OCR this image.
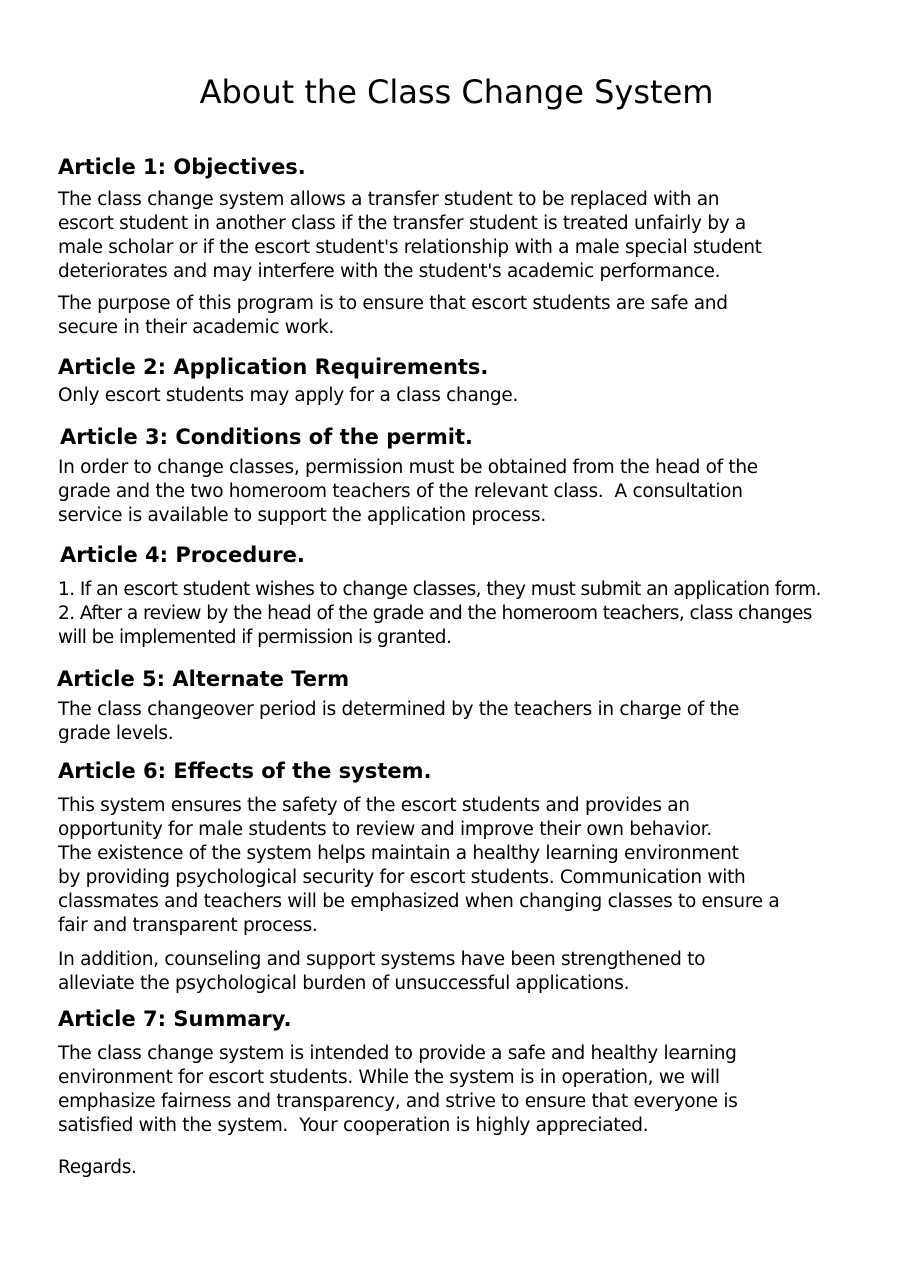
About the Class Change System
Article 1: Objectives.

The class change system allows a transfer student to be replaced with an
escort student in another class if the transfer student is treated unfairly by a
male scholar or if the escort student's relationship with a male special student
deteriorates and may interfere with the student's academic performance.

The purpose of this program is to ensure that escort students are safe and
secure in their academic work.

Article 2: Application Requirements.

Only escort students may apply for a class change.

Article 3: Conditions of the permit.

In order to change classes, permission must be obtained from the head of the
grade and the two homeroom teachers of the relevant class.  A consultation
service is available to support the application process.

Article 4: Procedure.

1. If an escort student wishes to change classes, they must submit an application form.
2. After a review by the head of the grade and the homeroom teachers, class changes
will be implemented if permission is granted.

Article 5: Alternate Term

The class changeover period is determined by the teachers in charge of the
grade levels.

Article 6: Effects of the system.

This system ensures the safety of the escort students and provides an
opportunity for male students to review and improve their own behavior.
The existence of the system helps maintain a healthy learning environment
by providing psychological security for escort students. Communication with
classmates and teachers will be emphasized when changing classes to ensure a
fair and transparent process.

In addition, counseling and support systems have been strengthened to
alleviate the psychological burden of unsuccessful applications.

Article 7: Summary.

The class change system is intended to provide a safe and healthy learning
environment for escort students. While the system is in operation, we will
emphasize fairness and transparency, and strive to ensure that everyone is
satisfied with the system.  Your cooperation is highly appreciated.

Regards.
